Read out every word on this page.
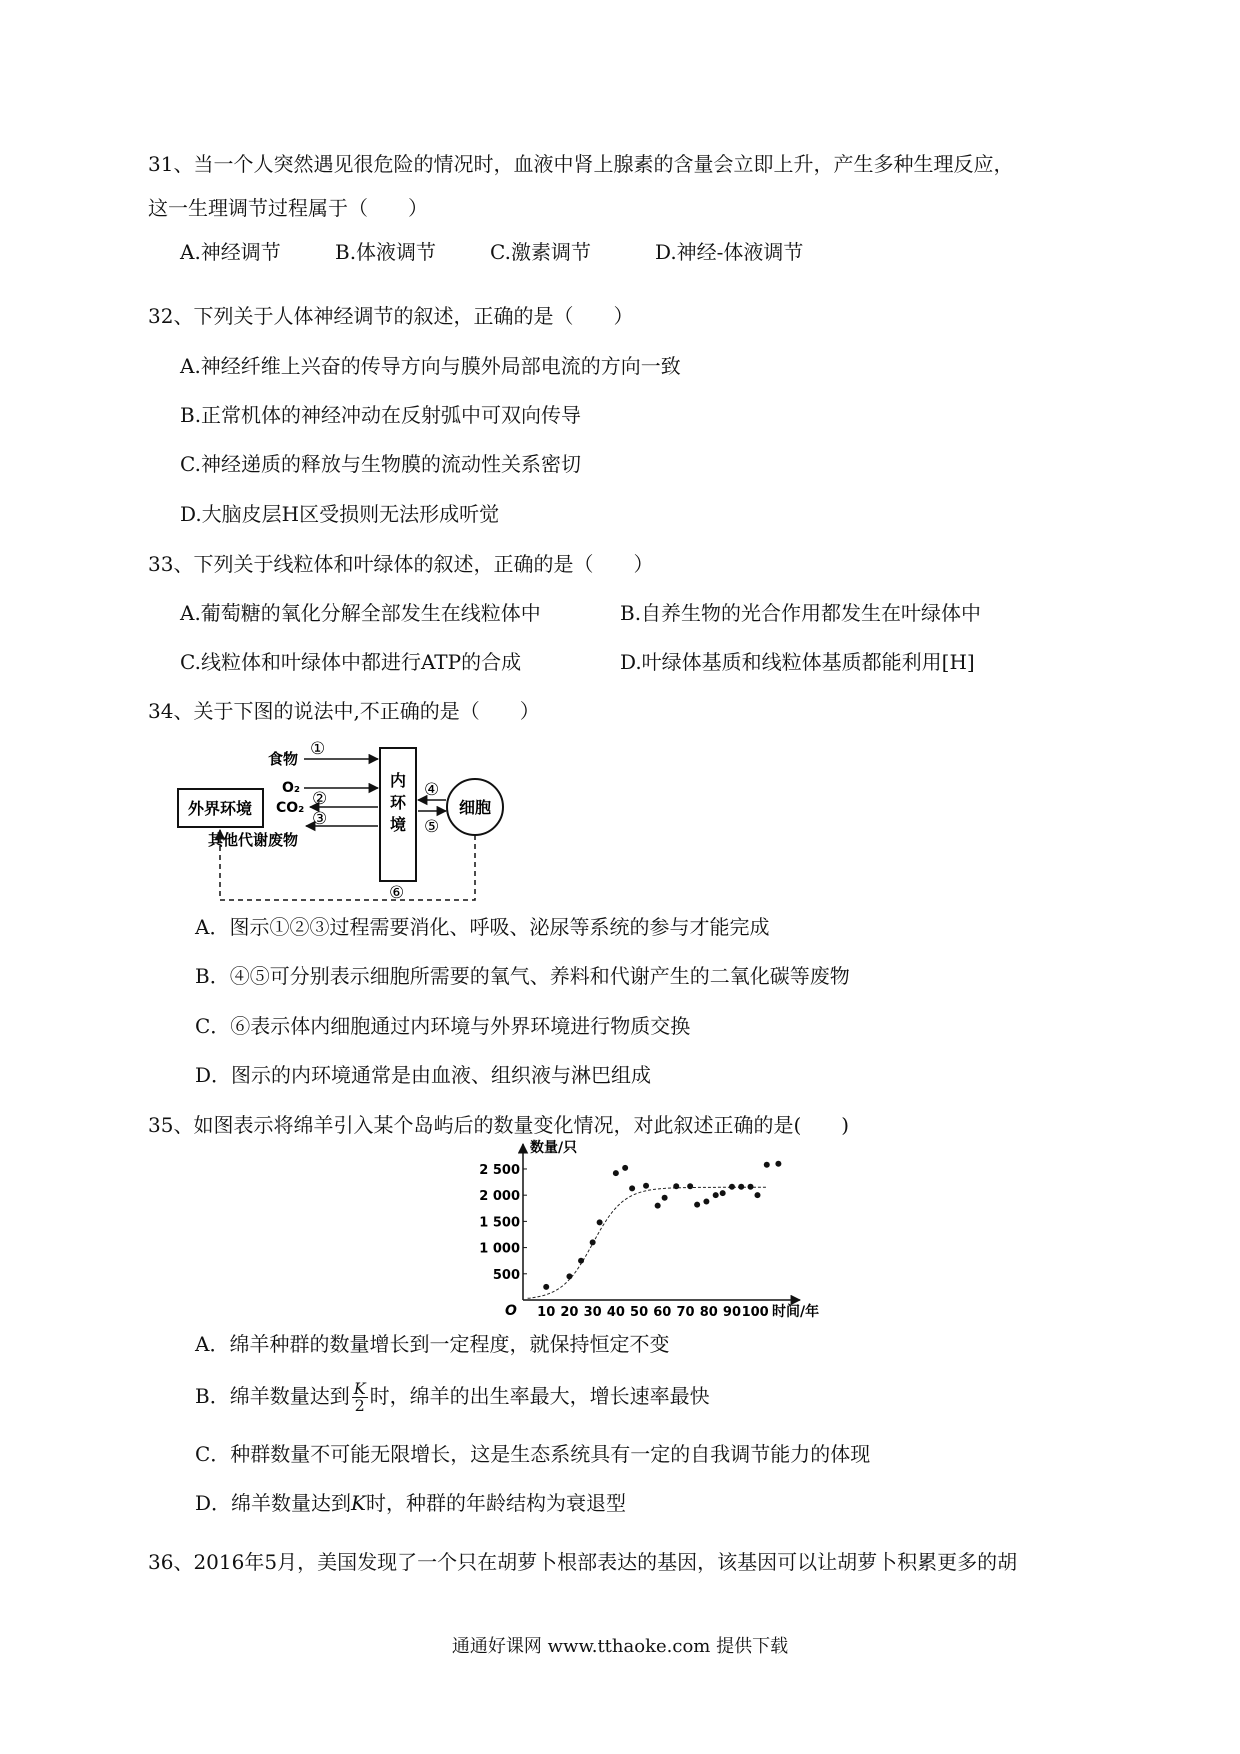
31、当一个人突然遇见很危险的情况时，血液中肾上腺素的含量会立即上升，产生多种生理反应，
这一生理调节过程属于（　　）
A.神经调节	B.体液调节	C.激素调节	D.神经-体液调节
32、下列关于人体神经调节的叙述，正确的是（　　）
A.神经纤维上兴奋的传导方向与膜外局部电流的方向一致
B.正常机体的神经冲动在反射弧中可双向传导
C.神经递质的释放与生物膜的流动性关系密切
D.大脑皮层H区受损则无法形成听觉
33、下列关于线粒体和叶绿体的叙述，正确的是（　　）
A.葡萄糖的氧化分解全部发生在线粒体中	B.自养生物的光合作用都发生在叶绿体中
C.线粒体和叶绿体中都进行ATP的合成	D.叶绿体基质和线粒体基质都能利用[H]
34、关于下图的说法中,不正确的是（　　）
外界环境
内
环
境
细胞
食物 ①
O₂
CO₂ ②
③
其他代谢废物
④
⑤
⑥
A．图示①②③过程需要消化、呼吸、泌尿等系统的参与才能完成
B．④⑤可分别表示细胞所需要的氧气、养料和代谢产生的二氧化碳等废物
C．⑥表示体内细胞通过内环境与外界环境进行物质交换
D．图示的内环境通常是由血液、组织液与淋巴组成
35、如图表示将绵羊引入某个岛屿后的数量变化情况，对此叙述正确的是(　　)
数量/只
时间/年
O
500
1 000
1 500
2 000
2 500
10 20 30 40 50 60 70 80 90 100
A．绵羊种群的数量增长到一定程度，就保持恒定不变
B．绵羊数量达到 $\frac{K}{2}$ 时，绵羊的出生率最大，增长速率最快
C．种群数量不可能无限增长，这是生态系统具有一定的自我调节能力的体现
D．绵羊数量达到K时，种群的年龄结构为衰退型
36、2016年5月，美国发现了一个只在胡萝卜根部表达的基因，该基因可以让胡萝卜积累更多的胡
通通好课网 www.tthaoke.com 提供下载
